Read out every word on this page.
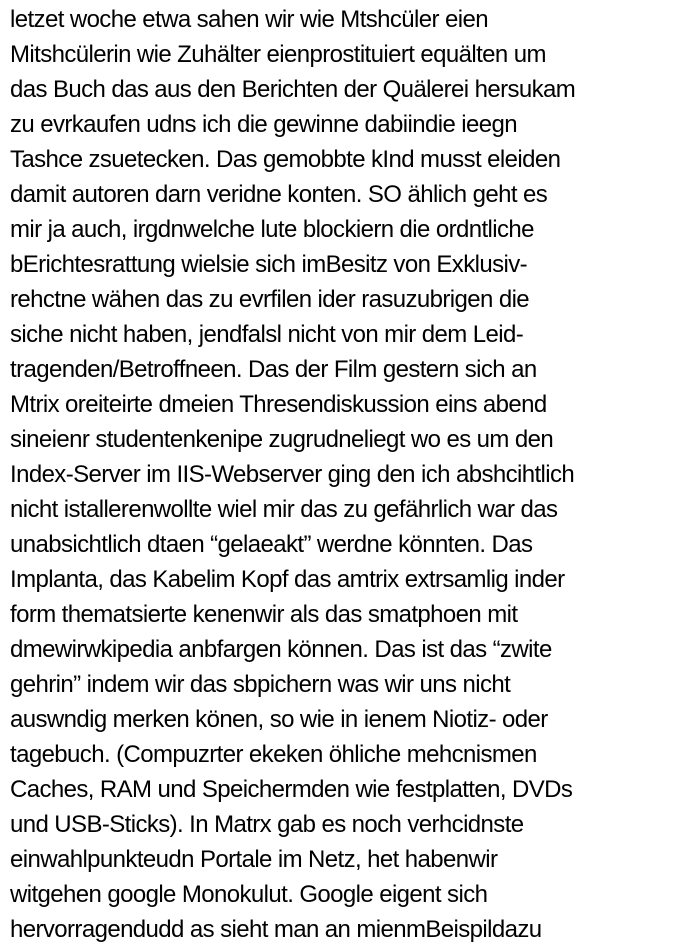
letzet woche etwa sahen wir wie Mtshcüler eien
Mitshcülerin wie Zuhälter eienprostituiert equälten um
das Buch das aus den Berichten der Quälerei hersukam
zu evrkaufen udns ich die gewinne dabiindie ieegn
Tashce zsuetecken. Das gemobbte kInd musst eleiden
damit autoren darn veridne konten. SO ählich geht es
mir ja auch, irgdnwelche lute blockiern die ordntliche
bErichtesrattung wielsie sich imBesitz von Exklusiv-
rehctne wähen das zu evrfilen ider rasuzubrigen die
siche nicht haben, jendfalsl nicht von mir dem Leid-
tragenden/Betroffneen. Das der Film gestern sich an
Mtrix oreiteirte dmeien Thresendiskussion eins abend
sineienr studentenkenipe zugrudneliegt wo es um den
Index-Server im IIS-Webserver ging den ich abshcihtlich
nicht istallerenwollte wiel mir das zu gefährlich war das
unabsichtlich dtaen “gelaeakt” werdne könnten. Das
Implanta, das Kabelim Kopf das amtrix extrsamlig inder
form thematsierte kenenwir als das smatphoen mit
dmewirwkipedia anbfargen können. Das ist das “zwite
gehrin” indem wir das sbpichern was wir uns nicht
auswndig merken könen, so wie in ienem Niotiz- oder
tagebuch. (Compuzrter ekeken öhliche mehcnismen
Caches, RAM und Speichermden wie festplatten, DVDs
und USB-Sticks). In Matrx gab es noch verhcidnste
einwahlpunkteudn Portale im Netz, het habenwir
witgehen google Monokulut. Google eigent sich
hervorragendudd as sieht man an mienmBeispildazu
